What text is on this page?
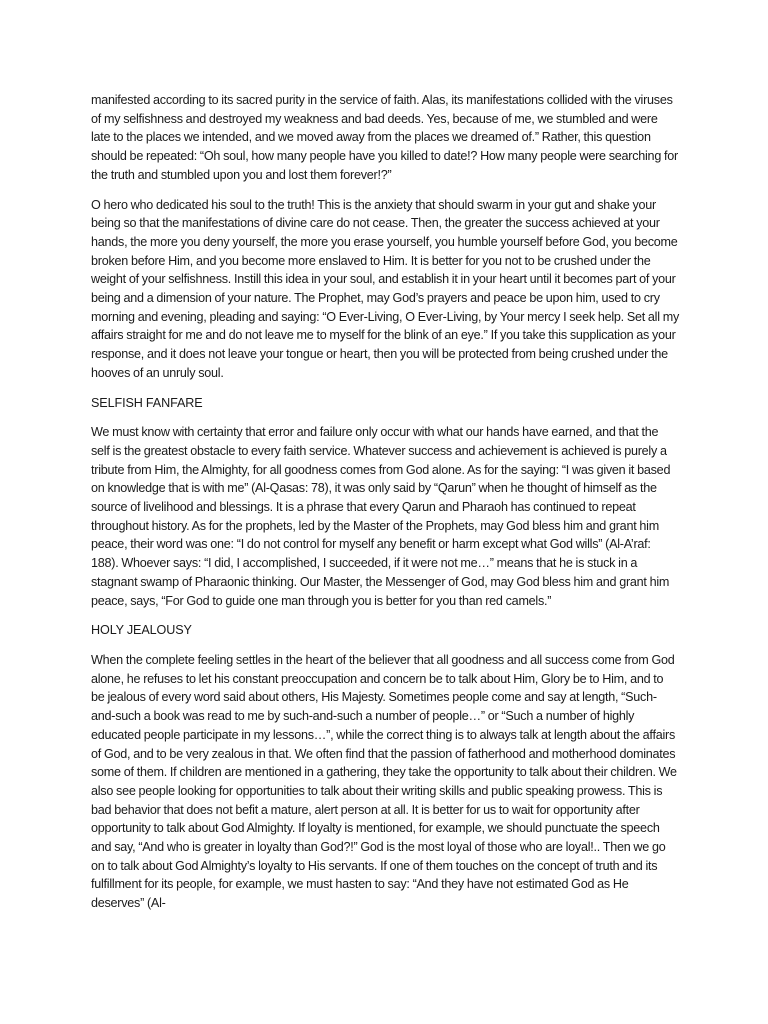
manifested according to its sacred purity in the service of faith. Alas, its manifestations collided with the viruses of my selfishness and destroyed my weakness and bad deeds. Yes, because of me, we stumbled and were late to the places we intended, and we moved away from the places we dreamed of.” Rather, this question should be repeated: “Oh soul, how many people have you killed to date!? How many people were searching for the truth and stumbled upon you and lost them forever!?”

O hero who dedicated his soul to the truth! This is the anxiety that should swarm in your gut and shake your being so that the manifestations of divine care do not cease. Then, the greater the success achieved at your hands, the more you deny yourself, the more you erase yourself, you humble yourself before God, you become broken before Him, and you become more enslaved to Him. It is better for you not to be crushed under the weight of your selfishness. Instill this idea in your soul, and establish it in your heart until it becomes part of your being and a dimension of your nature. The Prophet, may God’s prayers and peace be upon him, used to cry morning and evening, pleading and saying: “O Ever-Living, O Ever-Living, by Your mercy I seek help. Set all my affairs straight for me and do not leave me to myself for the blink of an eye.” If you take this supplication as your response, and it does not leave your tongue or heart, then you will be protected from being crushed under the hooves of an unruly soul.

SELFISH FANFARE

We must know with certainty that error and failure only occur with what our hands have earned, and that the self is the greatest obstacle to every faith service. Whatever success and achievement is achieved is purely a tribute from Him, the Almighty, for all goodness comes from God alone. As for the saying: “I was given it based on knowledge that is with me” (Al-Qasas: 78), it was only said by “Qarun” when he thought of himself as the source of livelihood and blessings. It is a phrase that every Qarun and Pharaoh has continued to repeat throughout history. As for the prophets, led by the Master of the Prophets, may God bless him and grant him peace, their word was one: “I do not control for myself any benefit or harm except what God wills” (Al-A’raf: 188). Whoever says: “I did, I accomplished, I succeeded, if it were not me…” means that he is stuck in a stagnant swamp of Pharaonic thinking. Our Master, the Messenger of God, may God bless him and grant him peace, says, “For God to guide one man through you is better for you than red camels.”

HOLY JEALOUSY

When the complete feeling settles in the heart of the believer that all goodness and all success come from God alone, he refuses to let his constant preoccupation and concern be to talk about Him, Glory be to Him, and to be jealous of every word said about others, His Majesty. Sometimes people come and say at length, “Such-and-such a book was read to me by such-and-such a number of people…” or “Such a number of highly educated people participate in my lessons…”, while the correct thing is to always talk at length about the affairs of God, and to be very zealous in that. We often find that the passion of fatherhood and motherhood dominates some of them. If children are mentioned in a gathering, they take the opportunity to talk about their children. We also see people looking for opportunities to talk about their writing skills and public speaking prowess. This is bad behavior that does not befit a mature, alert person at all. It is better for us to wait for opportunity after opportunity to talk about God Almighty. If loyalty is mentioned, for example, we should punctuate the speech and say, “And who is greater in loyalty than God?!” God is the most loyal of those who are loyal!.. Then we go on to talk about God Almighty’s loyalty to His servants. If one of them touches on the concept of truth and its fulfillment for its people, for example, we must hasten to say: “And they have not estimated God as He deserves” (Al-
